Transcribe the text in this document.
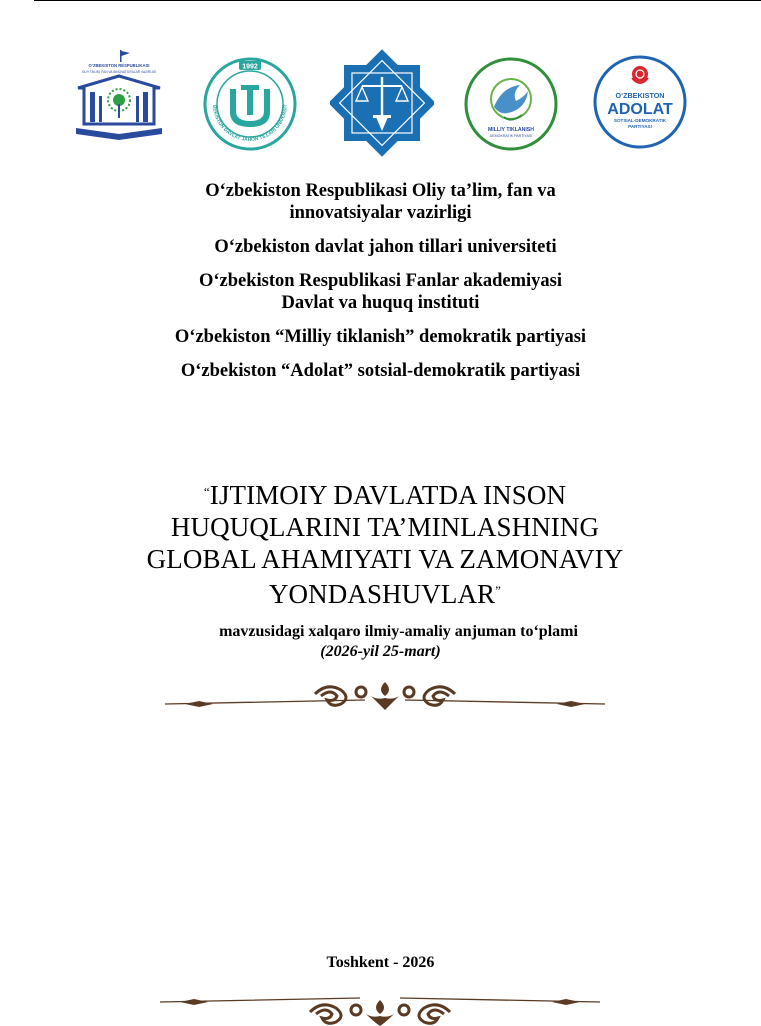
O‘ZBEKISTON RESPUBLIKASI
OLIY TA’LIM, FAN VA INNOVATSIYALAR VAZIRLIGI
1992
BEKISTON DAVLAT JAHON TILLARI UNIVERSIT
MILLIY TIKLANISH
DEMOKRATIK PARTIYASI
O‘ZBEKISTON
ADOLAT
SOTSIAL-DEMOKRATIK
PARTIYASI
O‘zbekiston Respublikasi Oliy ta’lim, fan va
innovatsiyalar vazirligi
O‘zbekiston davlat jahon tillari universiteti
O‘zbekiston Respublikasi Fanlar akademiyasi
Davlat va huquq instituti
O‘zbekiston “Milliy tiklanish” demokratik partiyasi
O‘zbekiston “Adolat” sotsial-demokratik partiyasi
“IJTIMOIY DAVLATDA INSON
HUQUQLARINI TA’MINLASHNING
GLOBAL AHAMIYATI VA ZAMONAVIY
YONDASHUVLAR”
mavzusidagi xalqaro ilmiy-amaliy anjuman to‘plami
(2026-yil 25-mart)
Toshkent - 2026
